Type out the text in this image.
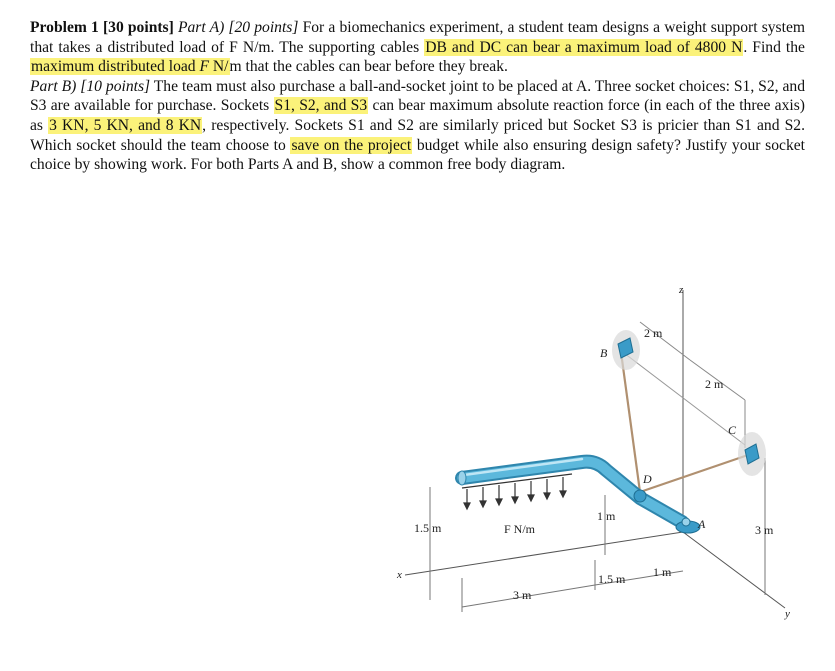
Problem 1 [30 points] Part A) [20 points] For a biomechanics experiment, a student team designs a weight support system that takes a distributed load of F N/m. The supporting cables DB and DC can bear a maximum load of 4800 N. Find the maximum distributed load F N/m that the cables can bear before they break.

Part B) [10 points] The team must also purchase a ball-and-socket joint to be placed at A. Three socket choices: S1, S2, and S3 are available for purchase. Sockets S1, S2, and S3 can bear maximum absolute reaction force (in each of the three axis) as 3 KN, 5 KN, and 8 KN, respectively. Sockets S1 and S2 are similarly priced but Socket S3 is pricier than S1 and S2. Which socket should the team choose to save on the project budget while also ensuring design safety? Justify your socket choice by showing work. For both Parts A and B, show a common free body diagram.

z
2 m
B
2 m
C
D
A
1 m
1.5 m	F N/m	3 m
x
y
1.5 m 1 m
3 m
